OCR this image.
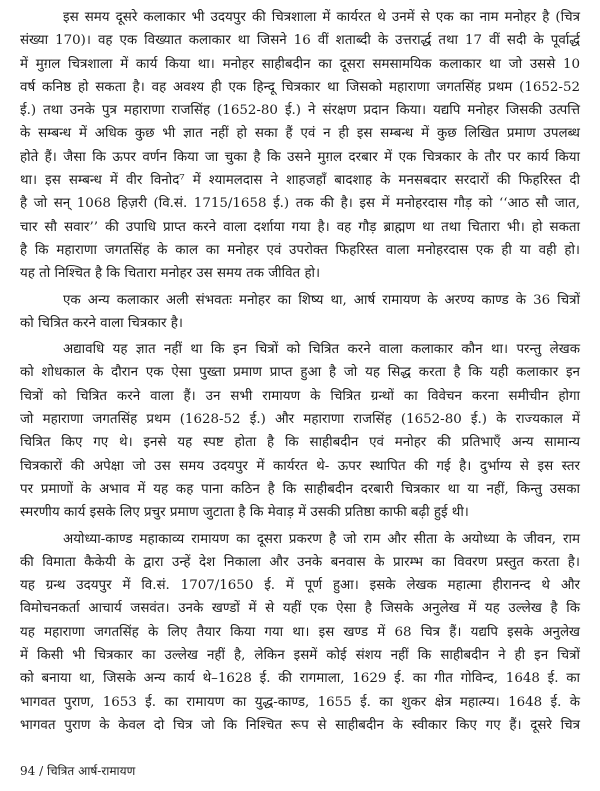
इस समय दूसरे कलाकार भी उदयपुर की चित्रशाला में कार्यरत थे उनमें से एक का नाम मनोहर है (चित्र
संख्या 170)। वह एक विख्यात कलाकार था जिसने 16 वीं शताब्दी के उत्तरार्द्ध तथा 17 वीं सदी के पूर्वार्द्ध
में मुग़ल चित्रशाला में कार्य किया था। मनोहर साहीबदीन का दूसरा समसामयिक कलाकार था जो उससे 10
वर्ष कनिष्ठ हो सकता है। वह अवश्य ही एक हिन्दू चित्रकार था जिसको महाराणा जगतसिंह प्रथम (1652-52
ई.) तथा उनके पुत्र महाराणा राजसिंह (1652-80 ई.) ने संरक्षण प्रदान किया। यद्यपि मनोहर जिसकी उत्पत्ति
के सम्बन्ध में अधिक कुछ भी ज्ञात नहीं हो सका हैं एवं न ही इस सम्बन्ध में कुछ लिखित प्रमाण उपलब्ध
होते हैं। जैसा कि ऊपर वर्णन किया जा चुका है कि उसने मुग़ल दरबार में एक चित्रकार के तौर पर कार्य किया
था। इस सम्बन्ध में वीर विनोद⁷ में श्यामलदास ने शाहजहाँ बादशाह के मनसबदार सरदारों की फिहरिस्त दी
है जो सन् 1068 हिज़री (वि.सं. 1715/1658 ई.) तक की है। इस में मनोहरदास गौड़ को ‘‘आठ सौ जात,
चार सौ सवार’’ की उपाधि प्राप्त करने वाला दर्शाया गया है। वह गौड़ ब्राह्मण था तथा चितारा भी। हो सकता
है कि महाराणा जगतसिंह के काल का मनोहर एवं उपरोक्त फिहरिस्त वाला मनोहरदास एक ही या वही हो।
यह तो निश्चित है कि चितारा मनोहर उस समय तक जीवित हो।
एक अन्य कलाकार अली संभवतः मनोहर का शिष्य था, आर्ष रामायण के अरण्य काण्ड के 36 चित्रों
को चित्रित करने वाला चित्रकार है।
अद्यावधि यह ज्ञात नहीं था कि इन चित्रों को चित्रित करने वाला कलाकार कौन था। परन्तु लेखक
को शोधकाल के दौरान एक ऐसा पुख्ता प्रमाण प्राप्त हुआ है जो यह सिद्ध करता है कि यही कलाकार इन
चित्रों को चित्रित करने वाला हैं। उन सभी रामायण के चित्रित ग्रन्थों का विवेचन करना समीचीन होगा
जो महाराणा जगतसिंह प्रथम (1628-52 ई.) और महाराणा राजसिंह (1652-80 ई.) के राज्यकाल में
चित्रित किए गए थे। इनसे यह स्पष्ट होता है कि साहीबदीन एवं मनोहर की प्रतिभाएँ अन्य सामान्य
चित्रकारों की अपेक्षा जो उस समय उदयपुर में कार्यरत थे- ऊपर स्थापित की गई है। दुर्भाग्य से इस स्तर
पर प्रमाणों के अभाव में यह कह पाना कठिन है कि साहीबदीन दरबारी चित्रकार था या नहीं, किन्तु उसका
स्मरणीय कार्य इसके लिए प्रचुर प्रमाण जुटाता है कि मेवाड़ में उसकी प्रतिष्ठा काफी बढ़ी हुई थी।
अयोध्या-काण्ड महाकाव्य रामायण का दूसरा प्रकरण है जो राम और सीता के अयोध्या के जीवन, राम
की विमाता कैकेयी के द्वारा उन्हें देश निकाला और उनके बनवास के प्रारम्भ का विवरण प्रस्तुत करता है।
यह ग्रन्थ उदयपुर में वि.सं. 1707/1650 ई. में पूर्ण हुआ। इसके लेखक महात्मा हीरानन्द थे और
विमोचनकर्ता आचार्य जसवंत। उनके खण्डों में से यहीं एक ऐसा है जिसके अनुलेख में यह उल्लेख है कि
यह महाराणा जगतसिंह के लिए तैयार किया गया था। इस खण्ड में 68 चित्र हैं। यद्यपि इसके अनुलेख
में किसी भी चित्रकार का उल्लेख नहीं है, लेकिन इसमें कोई संशय नहीं कि साहीबदीन ने ही इन चित्रों
को बनाया था, जिसके अन्य कार्य थे–1628 ई. की रागमाला, 1629 ई. का गीत गोविन्द, 1648 ई. का
भागवत पुराण, 1653 ई. का रामायण का युद्ध-काण्ड, 1655 ई. का शुकर क्षेत्र महात्म्य। 1648 ई. के
भागवत पुराण के केवल दो चित्र जो कि निश्चित रूप से साहीबदीन के स्वीकार किए गए हैं। दूसरे चित्र
94 / चित्रित आर्ष-रामायण
